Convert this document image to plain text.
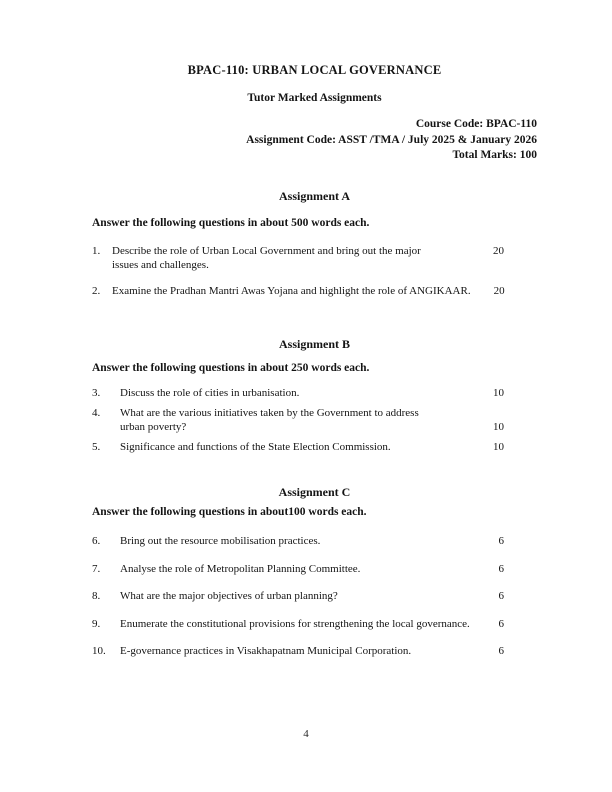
BPAC-110: URBAN LOCAL GOVERNANCE
Tutor Marked Assignments
Course Code: BPAC-110
Assignment Code: ASST /TMA / July 2025 & January 2026
Total Marks: 100
Assignment A
Answer the following questions in about 500 words each.
1.	Describe the role of Urban Local Government and bring out the major
issues and challenges.
20
2.	Examine the Pradhan Mantri Awas Yojana and highlight the role of ANGIKAAR.	20
Assignment B
Answer the following questions in about 250 words each.
3.	Discuss the role of cities in urbanisation.	10
4.	What are the various initiatives taken by the Government to address
urban poverty?	10
5.	Significance and functions of the State Election Commission.	10
Assignment C
Answer the following questions in about100 words each.
6.	Bring out the resource mobilisation practices.	6
7.	Analyse the role of Metropolitan Planning Committee.	6
8.	What are the major objectives of urban planning?	6
9.	Enumerate the constitutional provisions for strengthening the local governance.	6
10.	E-governance practices in Visakhapatnam Municipal Corporation.	6
4
